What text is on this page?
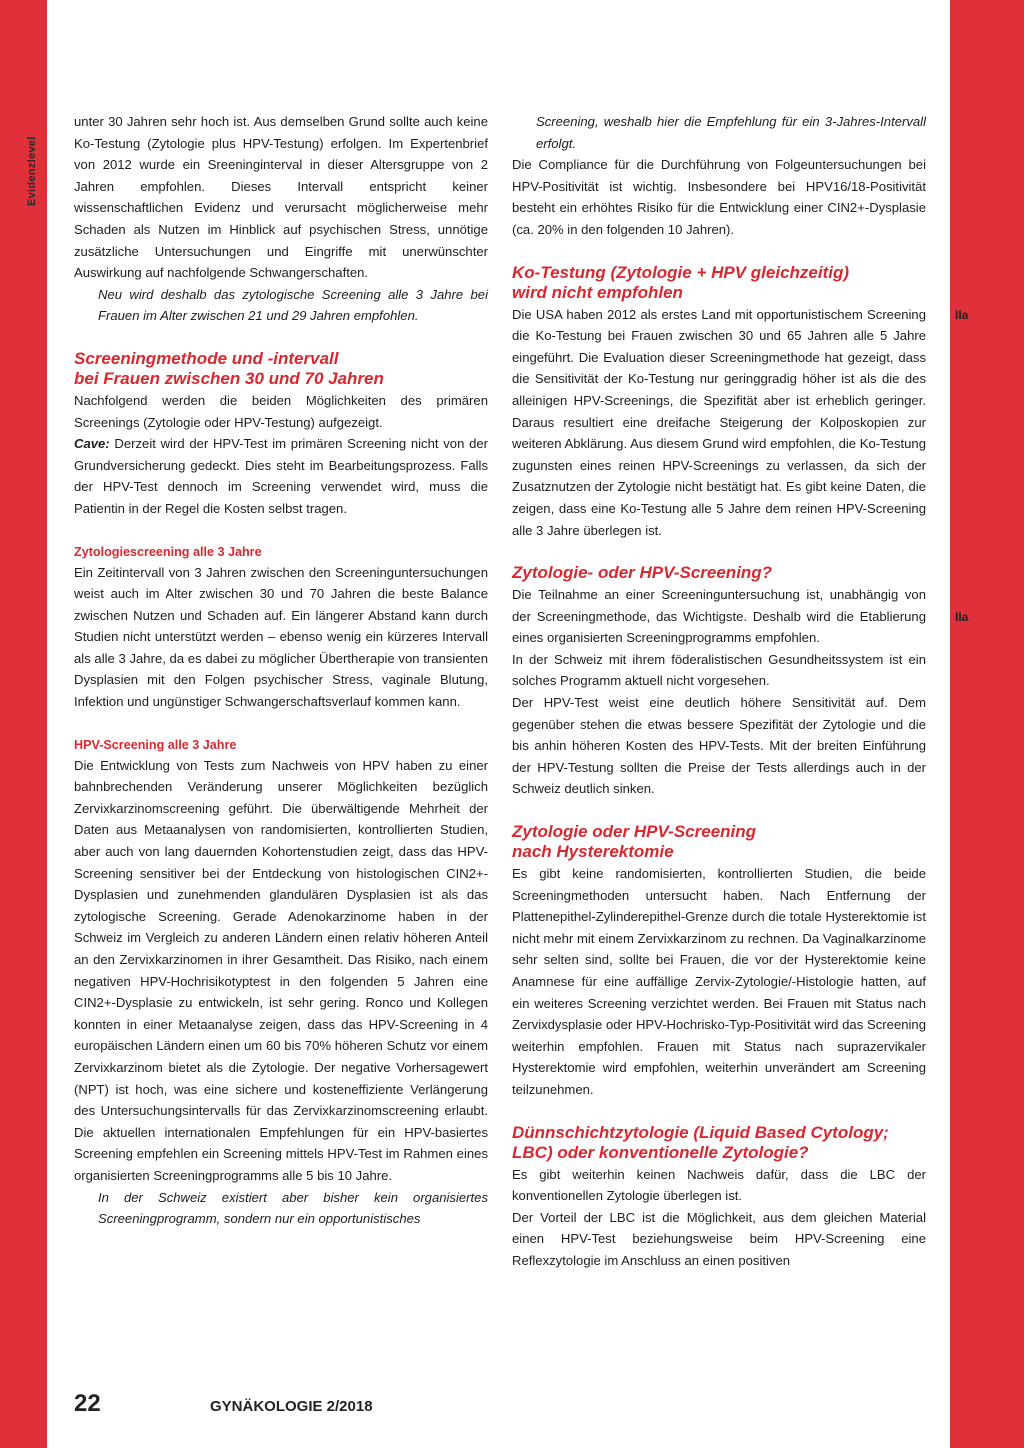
Evidenzlevel
IIa
IIa

unter 30 Jahren sehr hoch ist. Aus demselben Grund sollte auch keine Ko-Testung (Zytologie plus HPV-Testung) erfolgen. Im Expertenbrief von 2012 wurde ein Sreeninginterval in dieser Altersgruppe von 2 Jahren empfohlen. Dieses Intervall entspricht keiner wissenschaftlichen Evidenz und verursacht möglicherweise mehr Schaden als Nutzen im Hinblick auf psychischen Stress, unnötige zusätzliche Untersuchungen und Eingriffe mit unerwünschter Auswirkung auf nachfolgende Schwangerschaften.

Neu wird deshalb das zytologische Screening alle 3 Jahre bei Frauen im Alter zwischen 21 und 29 Jahren empfohlen.

Screeningmethode und -intervall
bei Frauen zwischen 30 und 70 Jahren

Nachfolgend werden die beiden Möglichkeiten des primären Screenings (Zytologie oder HPV-Testung) aufgezeigt.

Cave: Derzeit wird der HPV-Test im primären Screening nicht von der Grundversicherung gedeckt. Dies steht im Bearbeitungsprozess. Falls der HPV-Test dennoch im Screening verwendet wird, muss die Patientin in der Regel die Kosten selbst tragen.

Zytologiescreening alle 3 Jahre

Ein Zeitintervall von 3 Jahren zwischen den Screeninguntersuchungen weist auch im Alter zwischen 30 und 70 Jahren die beste Balance zwischen Nutzen und Schaden auf. Ein längerer Abstand kann durch Studien nicht unterstützt werden – ebenso wenig ein kürzeres Intervall als alle 3 Jahre, da es dabei zu möglicher Übertherapie von transienten Dysplasien mit den Folgen psychischer Stress, vaginale Blutung, Infektion und ungünstiger Schwangerschaftsverlauf kommen kann.

HPV-Screening alle 3 Jahre

Die Entwicklung von Tests zum Nachweis von HPV haben zu einer bahnbrechenden Veränderung unserer Möglichkeiten bezüglich Zervixkarzinomscreening geführt. Die überwältigende Mehrheit der Daten aus Metaanalysen von randomisierten, kontrollierten Studien, aber auch von lang dauernden Kohortenstudien zeigt, dass das HPV-Screening sensitiver bei der Entdeckung von histologischen CIN2+-Dysplasien und zunehmenden glandulären Dysplasien ist als das zytologische Screening. Gerade Adenokarzinome haben in der Schweiz im Vergleich zu anderen Ländern einen relativ höheren Anteil an den Zervixkarzinomen in ihrer Gesamtheit. Das Risiko, nach einem negativen HPV-Hochrisikotyptest in den folgenden 5 Jahren eine CIN2+-Dysplasie zu entwickeln, ist sehr gering. Ronco und Kollegen konnten in einer Metaanalyse zeigen, dass das HPV-Screening in 4 europäischen Ländern einen um 60 bis 70% höheren Schutz vor einem Zervixkarzinom bietet als die Zytologie. Der negative Vorhersagewert (NPT) ist hoch, was eine sichere und kosteneffiziente Verlängerung des Untersuchungsintervalls für das Zervixkarzinomscreening erlaubt. Die aktuellen internationalen Empfehlungen für ein HPV-basiertes Screening empfehlen ein Screening mittels HPV-Test im Rahmen eines organisierten Screeningprogramms alle 5 bis 10 Jahre.

In der Schweiz existiert aber bisher kein organisiertes Screeningprogramm, sondern nur ein opportunistisches

Screening, weshalb hier die Empfehlung für ein 3-Jahres-Intervall erfolgt.

Die Compliance für die Durchführung von Folgeuntersuchungen bei HPV-Positivität ist wichtig. Insbesondere bei HPV16/18-Positivität besteht ein erhöhtes Risiko für die Entwicklung einer CIN2+-Dysplasie (ca. 20% in den folgenden 10 Jahren).

Ko-Testung (Zytologie + HPV gleichzeitig)
wird nicht empfohlen

Die USA haben 2012 als erstes Land mit opportunistischem Screening die Ko-Testung bei Frauen zwischen 30 und 65 Jahren alle 5 Jahre eingeführt. Die Evaluation dieser Screeningmethode hat gezeigt, dass die Sensitivität der Ko-Testung nur geringgradig höher ist als die des alleinigen HPV-Screenings, die Spezifität aber ist erheblich geringer. Daraus resultiert eine dreifache Steigerung der Kolposkopien zur weiteren Abklärung. Aus diesem Grund wird empfohlen, die Ko-Testung zugunsten eines reinen HPV-Screenings zu verlassen, da sich der Zusatznutzen der Zytologie nicht bestätigt hat. Es gibt keine Daten, die zeigen, dass eine Ko-Testung alle 5 Jahre dem reinen HPV-Screening alle 3 Jahre überlegen ist.

Zytologie- oder HPV-Screening?

Die Teilnahme an einer Screeninguntersuchung ist, unabhängig von der Screeningmethode, das Wichtigste. Deshalb wird die Etablierung eines organisierten Screeningprogramms empfohlen.

In der Schweiz mit ihrem föderalistischen Gesundheitssystem ist ein solches Programm aktuell nicht vorgesehen.

Der HPV-Test weist eine deutlich höhere Sensitivität auf. Dem gegenüber stehen die etwas bessere Spezifität der Zytologie und die bis anhin höheren Kosten des HPV-Tests. Mit der breiten Einführung der HPV-Testung sollten die Preise der Tests allerdings auch in der Schweiz deutlich sinken.

Zytologie oder HPV-Screening
nach Hysterektomie

Es gibt keine randomisierten, kontrollierten Studien, die beide Screeningmethoden untersucht haben. Nach Entfernung der Plattenepithel-Zylinderepithel-Grenze durch die totale Hysterektomie ist nicht mehr mit einem Zervixkarzinom zu rechnen. Da Vaginalkarzinome sehr selten sind, sollte bei Frauen, die vor der Hysterektomie keine Anamnese für eine auffällige Zervix-Zytologie/-Histologie hatten, auf ein weiteres Screening verzichtet werden. Bei Frauen mit Status nach Zervixdysplasie oder HPV-Hochrisko-Typ-Positivität wird das Screening weiterhin empfohlen. Frauen mit Status nach suprazervikaler Hysterektomie wird empfohlen, weiterhin unverändert am Screening teilzunehmen.

Dünnschichtzytologie (Liquid Based Cytology;
LBC) oder konventionelle Zytologie?

Es gibt weiterhin keinen Nachweis dafür, dass die LBC der konventionellen Zytologie überlegen ist.

Der Vorteil der LBC ist die Möglichkeit, aus dem gleichen Material einen HPV-Test beziehungsweise beim HPV-Screening eine Reflexzytologie im Anschluss an einen positiven

22	GYNÄKOLOGIE 2/2018
